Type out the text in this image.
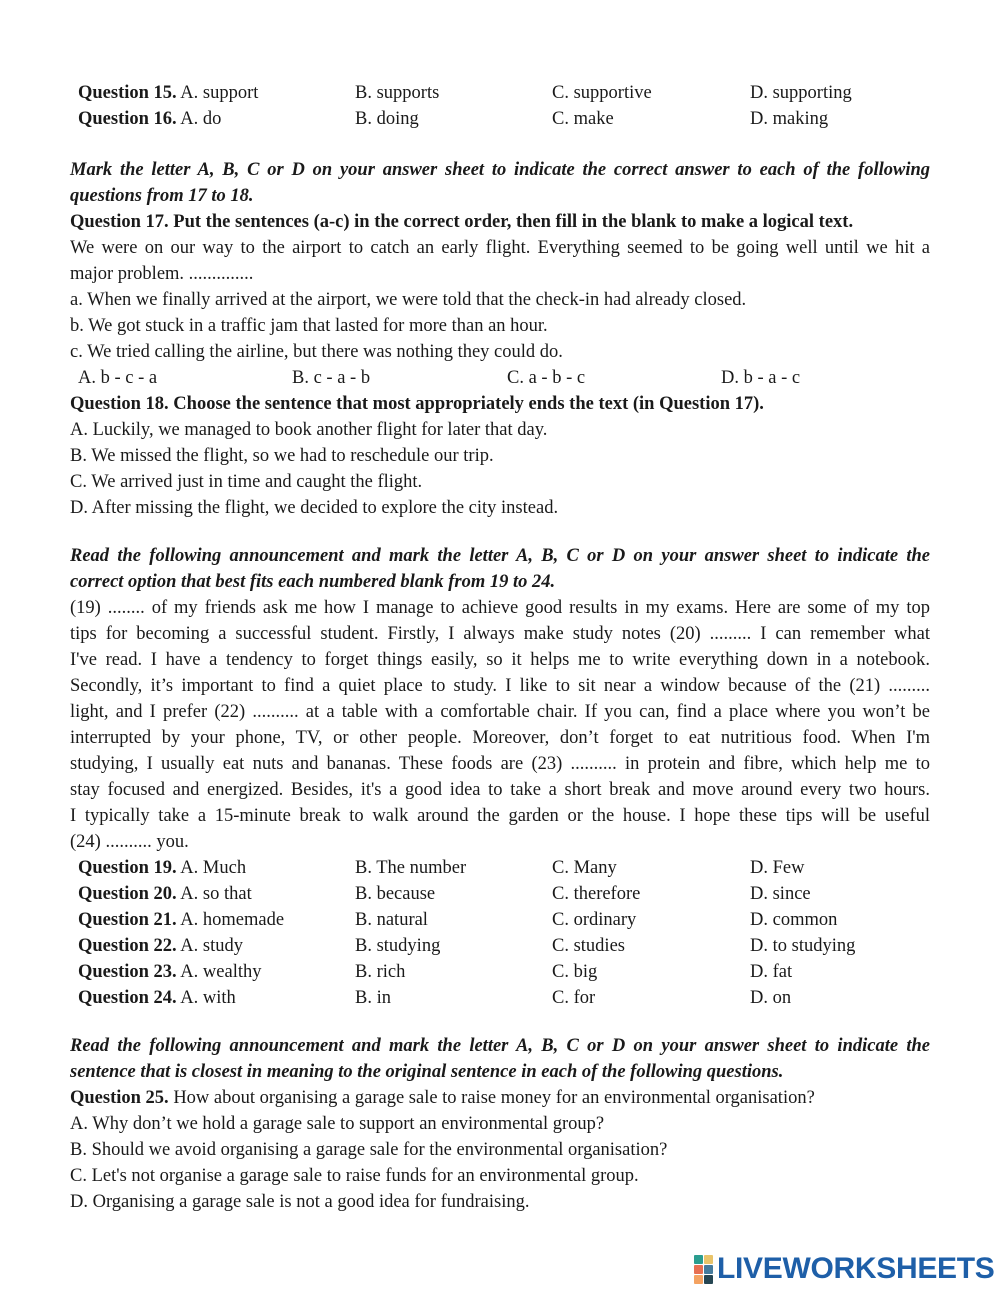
Question 15. A. support	B. supports	C. supportive	D. supporting
Question 16. A. do	B. doing	C. make	D. making
Mark the letter A, B, C or D on your answer sheet to indicate the correct answer to each of the following
questions from 17 to 18.
Question 17. Put the sentences (a-c) in the correct order, then fill in the blank to make a logical text.
We were on our way to the airport to catch an early flight. Everything seemed to be going well until we hit a
major problem. ..............
a. When we finally arrived at the airport, we were told that the check-in had already closed.
b. We got stuck in a traffic jam that lasted for more than an hour.
c. We tried calling the airline, but there was nothing they could do.
A. b - c - a	B. c - a - b	C. a - b - c	D. b - a - c
Question 18. Choose the sentence that most appropriately ends the text (in Question 17).
A. Luckily, we managed to book another flight for later that day.
B. We missed the flight, so we had to reschedule our trip.
C. We arrived just in time and caught the flight.
D. After missing the flight, we decided to explore the city instead.
Read the following announcement and mark the letter A, B, C or D on your answer sheet to indicate the
correct option that best fits each numbered blank from 19 to 24.
(19) ........ of my friends ask me how I manage to achieve good results in my exams. Here are some of my top
tips for becoming a successful student. Firstly, I always make study notes (20) ......... I can remember what
I've read. I have a tendency to forget things easily, so it helps me to write everything down in a notebook.
Secondly, it’s important to find a quiet place to study. I like to sit near a window because of the (21) .........
light, and I prefer (22) .......... at a table with a comfortable chair. If you can, find a place where you won’t be
interrupted by your phone, TV, or other people. Moreover, don’t forget to eat nutritious food. When I'm
studying, I usually eat nuts and bananas. These foods are (23) .......... in protein and fibre, which help me to
stay focused and energized. Besides, it's a good idea to take a short break and move around every two hours.
I typically take a 15-minute break to walk around the garden or the house. I hope these tips will be useful
(24) .......... you.
Question 19. A. Much	B. The number	C. Many	D. Few
Question 20. A. so that	B. because	C. therefore	D. since
Question 21. A. homemade	B. natural	C. ordinary	D. common
Question 22. A. study	B. studying	C. studies	D. to studying
Question 23. A. wealthy	B. rich	C. big	D. fat
Question 24. A. with	B. in	C. for	D. on
Read the following announcement and mark the letter A, B, C or D on your answer sheet to indicate the
sentence that is closest in meaning to the original sentence in each of the following questions.
Question 25. How about organising a garage sale to raise money for an environmental organisation?
A. Why don’t we hold a garage sale to support an environmental group?
B. Should we avoid organising a garage sale for the environmental organisation?
C. Let's not organise a garage sale to raise funds for an environmental group.
D. Organising a garage sale is not a good idea for fundraising.
LIVEWORKSHEETS
